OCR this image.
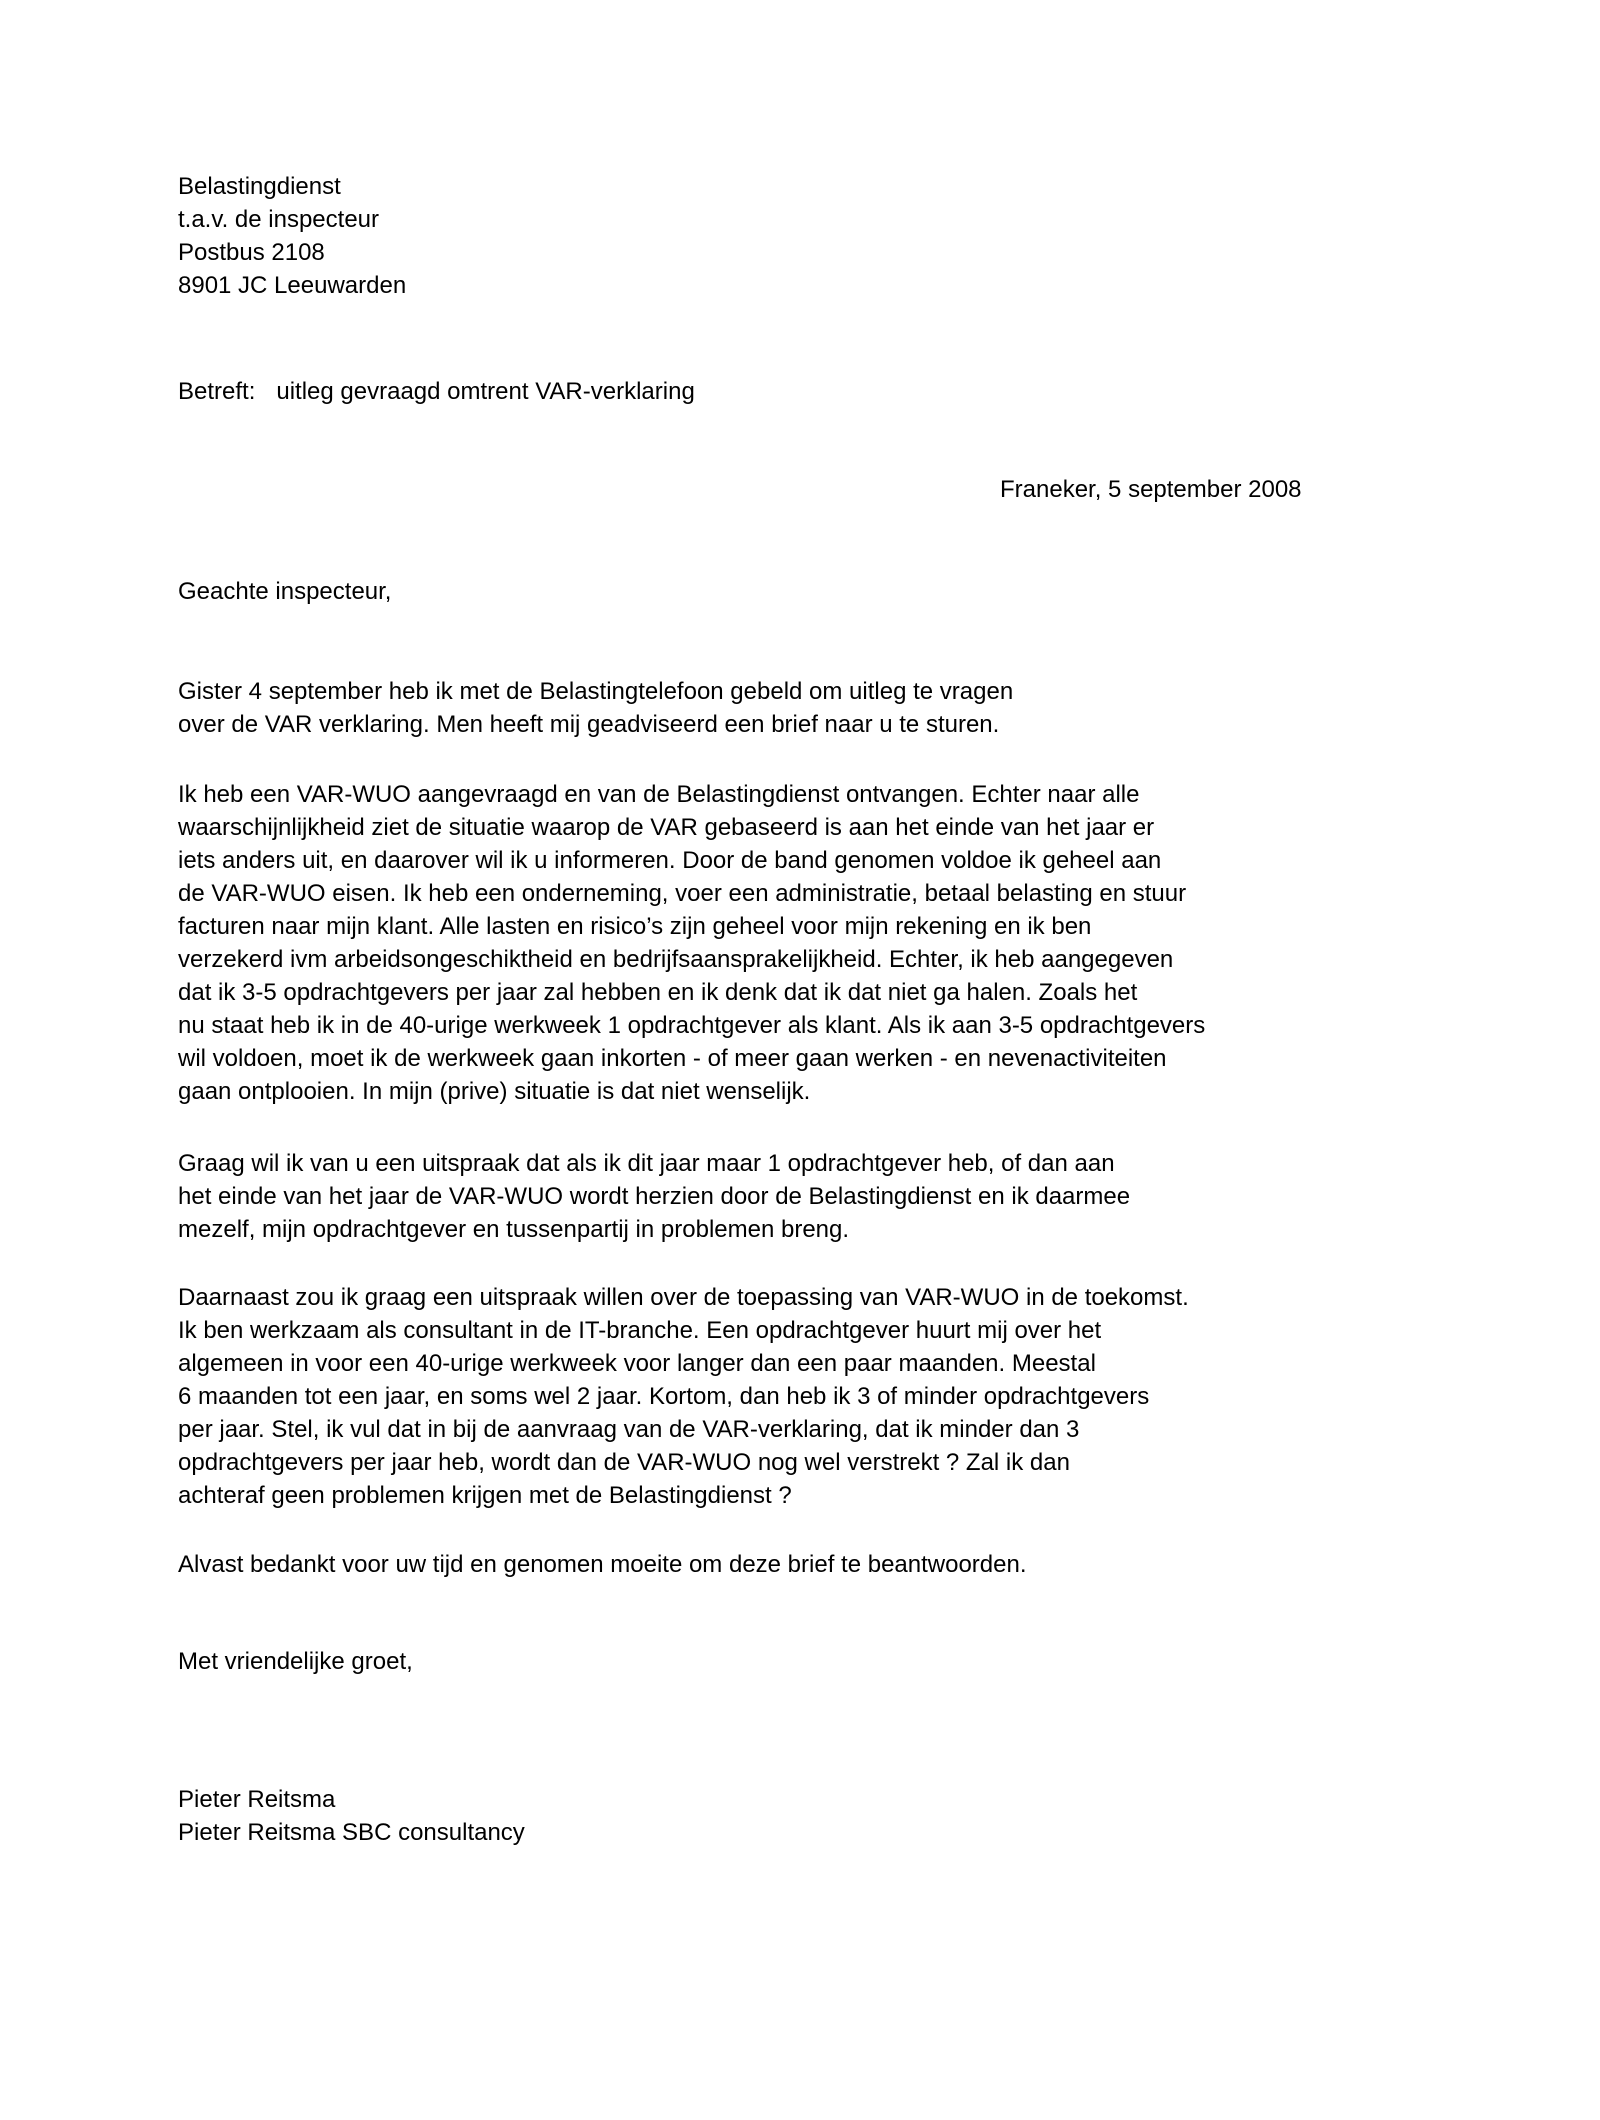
Belastingdienst
t.a.v. de inspecteur
Postbus 2108
8901 JC Leeuwarden
Betreft: uitleg gevraagd omtrent VAR-verklaring
Franeker, 5 september 2008
Geachte inspecteur,
Gister 4 september heb ik met de Belastingtelefoon gebeld om uitleg te vragen
over de VAR verklaring. Men heeft mij geadviseerd een brief naar u te sturen.
Ik heb een VAR-WUO aangevraagd en van de Belastingdienst ontvangen. Echter naar alle
waarschijnlijkheid ziet de situatie waarop de VAR gebaseerd is aan het einde van het jaar er
iets anders uit, en daarover wil ik u informeren. Door de band genomen voldoe ik geheel aan
de VAR-WUO eisen. Ik heb een onderneming, voer een administratie, betaal belasting en stuur
facturen naar mijn klant. Alle lasten en risico’s zijn geheel voor mijn rekening en ik ben
verzekerd ivm arbeidsongeschiktheid en bedrijfsaansprakelijkheid. Echter, ik heb aangegeven
dat ik 3-5 opdrachtgevers per jaar zal hebben en ik denk dat ik dat niet ga halen. Zoals het
nu staat heb ik in de 40-urige werkweek 1 opdrachtgever als klant. Als ik aan 3-5 opdrachtgevers
wil voldoen, moet ik de werkweek gaan inkorten - of meer gaan werken - en nevenactiviteiten
gaan ontplooien. In mijn (prive) situatie is dat niet wenselijk.
Graag wil ik van u een uitspraak dat als ik dit jaar maar 1 opdrachtgever heb, of dan aan
het einde van het jaar de VAR-WUO wordt herzien door de Belastingdienst en ik daarmee
mezelf, mijn opdrachtgever en tussenpartij in problemen breng.
Daarnaast zou ik graag een uitspraak willen over de toepassing van VAR-WUO in de toekomst.
Ik ben werkzaam als consultant in de IT-branche. Een opdrachtgever huurt mij over het
algemeen in voor een 40-urige werkweek voor langer dan een paar maanden. Meestal
6 maanden tot een jaar, en soms wel 2 jaar. Kortom, dan heb ik 3 of minder opdrachtgevers
per jaar. Stel, ik vul dat in bij de aanvraag van de VAR-verklaring, dat ik minder dan 3
opdrachtgevers per jaar heb, wordt dan de VAR-WUO nog wel verstrekt ? Zal ik dan
achteraf geen problemen krijgen met de Belastingdienst ?
Alvast bedankt voor uw tijd en genomen moeite om deze brief te beantwoorden.
Met vriendelijke groet,
Pieter Reitsma
Pieter Reitsma SBC consultancy
